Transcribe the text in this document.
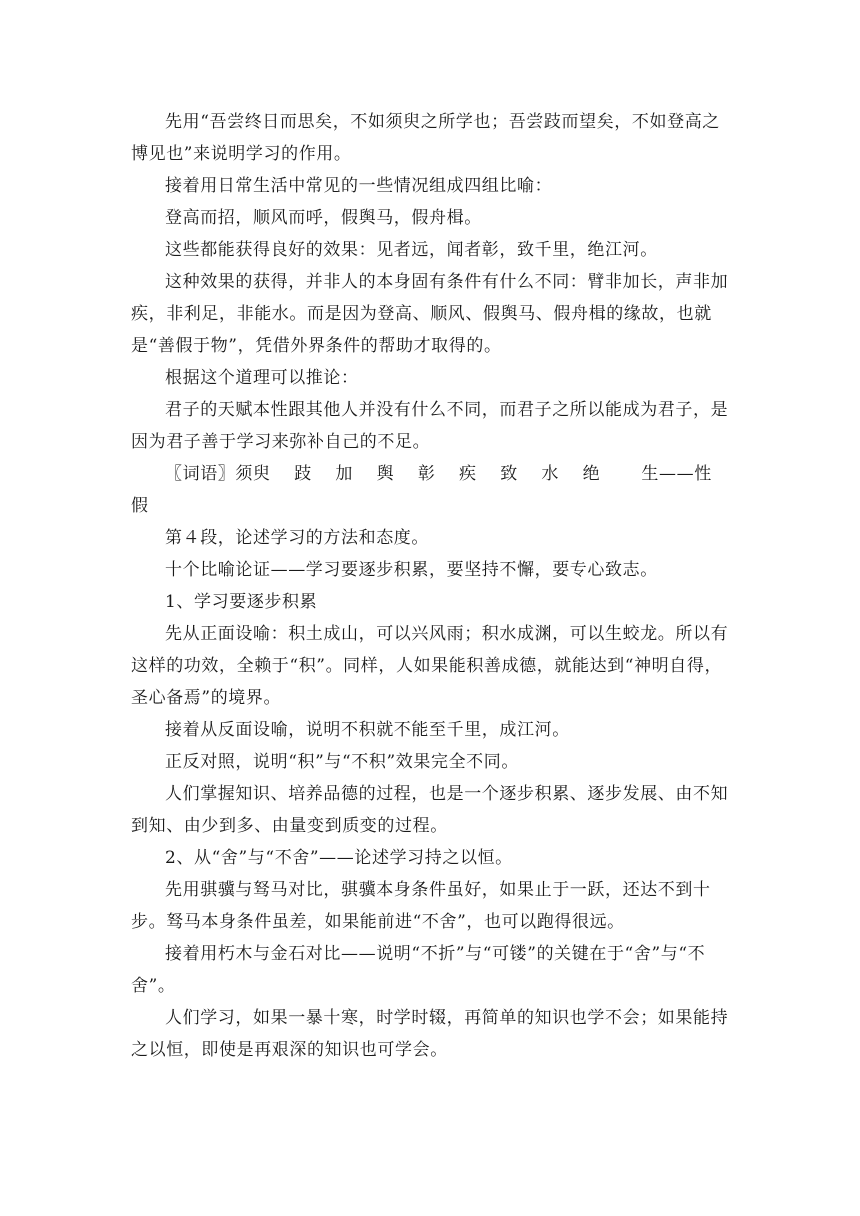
先用“吾尝终日而思矣，不如须臾之所学也；吾尝跂而望矣，不如登高之博见也”来说明学习的作用。

接着用日常生活中常见的一些情况组成四组比喻：

登高而招，顺风而呼，假舆马，假舟楫。

这些都能获得良好的效果：见者远，闻者彰，致千里，绝江河。

这种效果的获得，并非人的本身固有条件有什么不同：臂非加长，声非加疾，非利足，非能水。而是因为登高、顺风、假舆马、假舟楫的缘故，也就是“善假于物”，凭借外界条件的帮助才取得的。

根据这个道理可以推论：

君子的天赋本性跟其他人并没有什么不同，而君子之所以能成为君子，是因为君子善于学习来弥补自己的不足。

〖词语〗须臾　 跂　 加　 舆　 彰　 疾　 致　 水　 绝　　 生——性　　假

第４段，论述学习的方法和态度。

十个比喻论证——学习要逐步积累，要坚持不懈，要专心致志。

1、学习要逐步积累

先从正面设喻：积土成山，可以兴风雨；积水成渊，可以生蛟龙。所以有这样的功效，全赖于“积”。同样，人如果能积善成德，就能达到“神明自得，圣心备焉”的境界。

接着从反面设喻，说明不积就不能至千里，成江河。

正反对照，说明“积”与“不积”效果完全不同。

人们掌握知识、培养品德的过程，也是一个逐步积累、逐步发展、由不知到知、由少到多、由量变到质变的过程。

2、从“舍”与“不舍”——论述学习持之以恒。

先用骐骥与驽马对比，骐骥本身条件虽好，如果止于一跃，还达不到十步。驽马本身条件虽差，如果能前进“不舍”，也可以跑得很远。

接着用朽木与金石对比——说明“不折”与“可镂”的关键在于“舍”与“不舍”。

人们学习，如果一暴十寒，时学时辍，再简单的知识也学不会；如果能持之以恒，即使是再艰深的知识也可学会。
